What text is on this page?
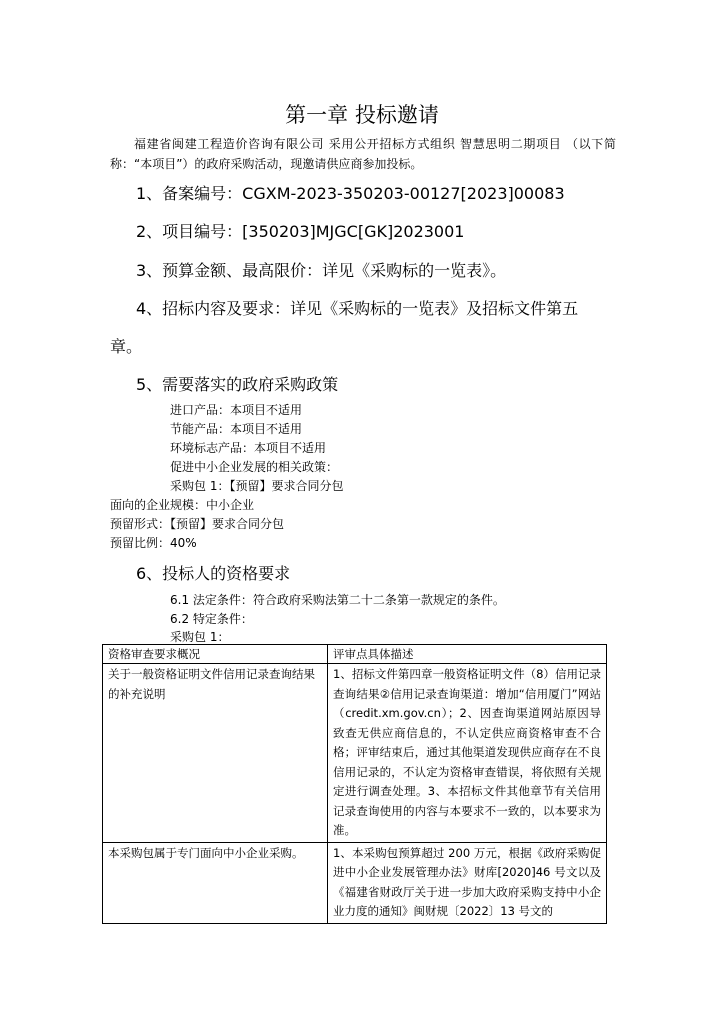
第一章 投标邀请

福建省闽建工程造价咨询有限公司 采用公开招标方式组织 智慧思明二期项目 （以下简称：“本项目”）的政府采购活动，现邀请供应商参加投标。

1、备案编号：CGXM-2023-350203-00127[2023]00083

2、项目编号：[350203]MJGC[GK]2023001

3、预算金额、最高限价：详见《采购标的一览表》。

4、招标内容及要求：详见《采购标的一览表》及招标文件第五

章。

5、需要落实的政府采购政策

进口产品：本项目不适用

节能产品：本项目不适用

环境标志产品：本项目不适用

促进中小企业发展的相关政策：

采购包 1：【预留】要求合同分包

面向的企业规模：中小企业

预留形式：【预留】要求合同分包

预留比例：40%

6、投标人的资格要求

6.1 法定条件：符合政府采购法第二十二条第一款规定的条件。

6.2 特定条件：

采购包 1：

资格审查要求概况	评审点具体描述
关于一般资格证明文件信用记录查询结果的补充说明	1、招标文件第四章一般资格证明文件（8）信用记录查询结果②信用记录查询渠道：增加“信用厦门”网站（credit.xm.gov.cn）；2、因查询渠道网站原因导致查无供应商信息的，不认定供应商资格审查不合格；评审结束后，通过其他渠道发现供应商存在不良信用记录的，不认定为资格审查错误，将依照有关规定进行调查处理。3、本招标文件其他章节有关信用记录查询使用的内容与本要求不一致的，以本要求为准。
本采购包属于专门面向中小企业采购。	1、本采购包预算超过 200 万元，根据《政府采购促进中小企业发展管理办法》财库[2020]46 号文以及《福建省财政厅关于进一步加大政府采购支持中小企业力度的通知》闽财规〔2022〕13 号文的
